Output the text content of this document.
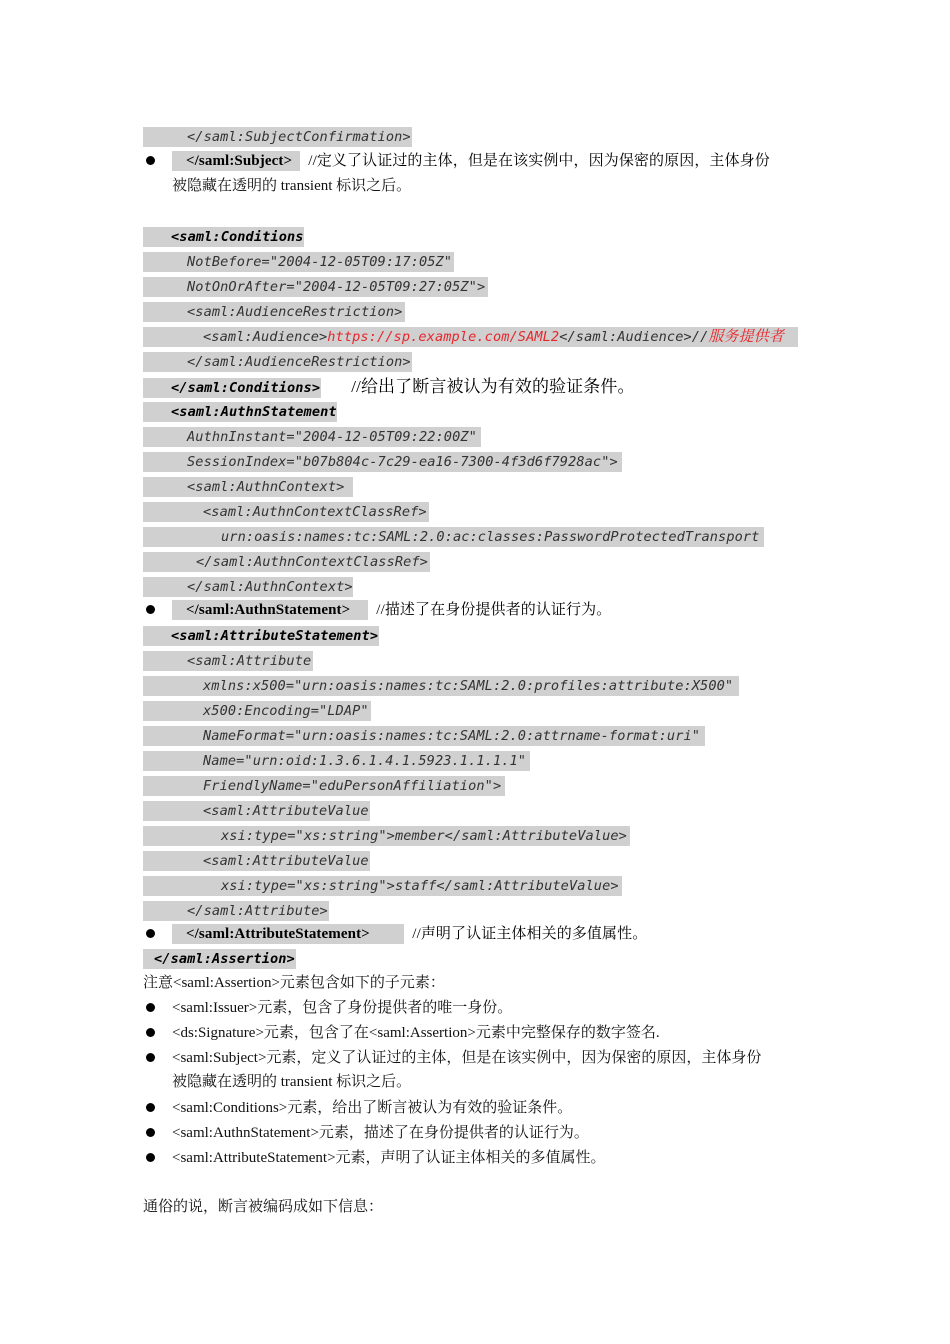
</saml:SubjectConfirmation>
</saml:Subject> //定义了认证过的主体，但是在该实例中，因为保密的原因，主体身份
被隐藏在透明的 transient 标识之后。
<saml:Conditions
NotBefore="2004-12-05T09:17:05Z"
NotOnOrAfter="2004-12-05T09:27:05Z">
<saml:AudienceRestriction>
<saml:Audience>https://sp.example.com/SAML2</saml:Audience>//服务提供者
</saml:AudienceRestriction>
</saml:Conditions> //给出了断言被认为有效的验证条件。
<saml:AuthnStatement
AuthnInstant="2004-12-05T09:22:00Z"
SessionIndex="b07b804c-7c29-ea16-7300-4f3d6f7928ac">
<saml:AuthnContext>
<saml:AuthnContextClassRef>
urn:oasis:names:tc:SAML:2.0:ac:classes:PasswordProtectedTransport
</saml:AuthnContextClassRef>
</saml:AuthnContext>
</saml:AuthnStatement> //描述了在身份提供者的认证行为。
<saml:AttributeStatement>
<saml:Attribute
xmlns:x500="urn:oasis:names:tc:SAML:2.0:profiles:attribute:X500"
x500:Encoding="LDAP"
NameFormat="urn:oasis:names:tc:SAML:2.0:attrname-format:uri"
Name="urn:oid:1.3.6.1.4.1.5923.1.1.1.1"
FriendlyName="eduPersonAffiliation">
<saml:AttributeValue
xsi:type="xs:string">member</saml:AttributeValue>
<saml:AttributeValue
xsi:type="xs:string">staff</saml:AttributeValue>
</saml:Attribute>
</saml:AttributeStatement>	//声明了认证主体相关的多值属性。
</saml:Assertion>
注意<saml:Assertion>元素包含如下的子元素：
<saml:Issuer>元素，包含了身份提供者的唯一身份。
<ds:Signature>元素，包含了在<saml:Assertion>元素中完整保存的数字签名.
<saml:Subject>元素，定义了认证过的主体，但是在该实例中，因为保密的原因，主体身份
被隐藏在透明的 transient 标识之后。
<saml:Conditions>元素，给出了断言被认为有效的验证条件。
<saml:AuthnStatement>元素，描述了在身份提供者的认证行为。
<saml:AttributeStatement>元素，声明了认证主体相关的多值属性。
通俗的说，断言被编码成如下信息：
